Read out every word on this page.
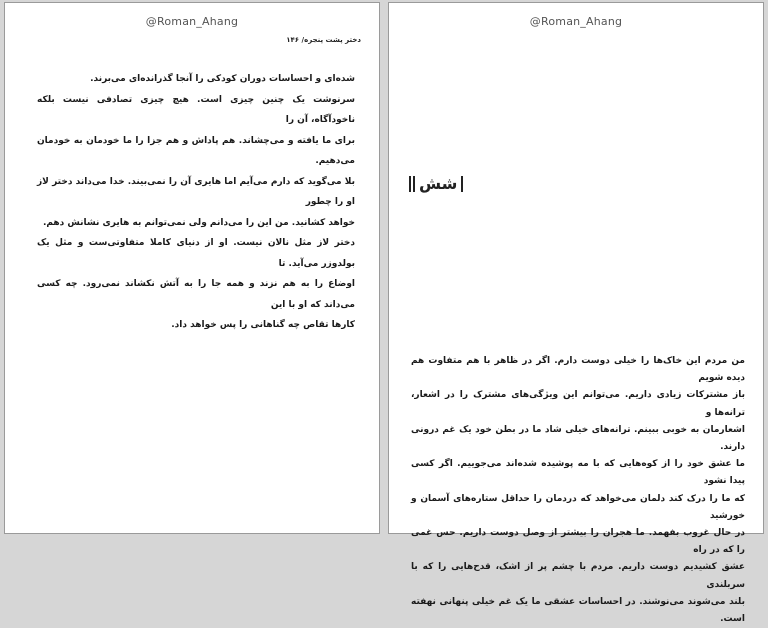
@Roman_Ahang
دختر پشت پنجره/ ۱۴۶

شده‌ای و احساسات دوران کودکی را آنجا گذرانده‌ای می‌برند.

سرنوشت یک چنین چیزی است. هیچ چیزی تصادفی نیست بلکه ناخودآگاه، آن را
برای ما یافته و می‌چشاند. هم پاداش و هم جزا را ما خودمان به خودمان می‌دهیم.
بلا می‌گوید که دارم می‌آیم اما هایری آن را نمی‌بیند. خدا می‌داند دختر لاز او را چطور
خواهد کشانید. من این را می‌دانم ولی نمی‌توانم به هایری نشانش دهم.

دختر لاز مثل نالان نیست. او از دنیای کاملا متفاوتی‌ست و مثل یک بولدوزر می‌آید. تا
اوضاع را به هم نزند و همه جا را به آتش نکشاند نمی‌رود. چه کسی می‌داند که او با این
کارها تقاص چه گناهانی را پس خواهد داد.

@Roman_Ahang
شش

من مردم این خاک‌ها را خیلی دوست دارم. اگر در ظاهر با هم متفاوت هم دیده شویم
باز مشترکات زیادی داریم. می‌توانم این ویژگی‌های مشترک را در اشعار، ترانه‌ها و
اشعارمان به خوبی ببینم. ترانه‌های خیلی شاد ما در بطن خود یک غم درونی دارند.
ما عشق خود را از کوه‌هایی که با مه پوشیده شده‌اند می‌جوییم. اگر کسی پیدا نشود
که ما را درک کند دلمان می‌خواهد که دردمان را حداقل ستاره‌های آسمان و خورشید
در حال غروب بفهمد. ما هجران را بیشتر از وصل دوست داریم. حس غمی را که در راه
عشق کشیدیم دوست داریم. مردم با چشم پر از اشک، قدح‌هایی را که با سربلندی
بلند می‌شوند می‌نوشند. در احساسات عشقی ما یک غم خیلی پنهانی نهفته است.
